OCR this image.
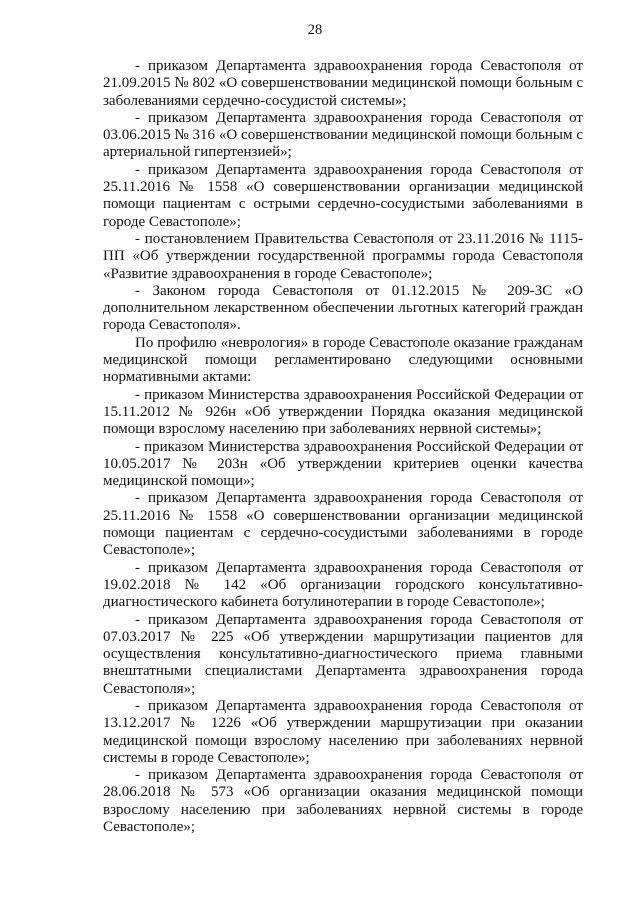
28

- приказом Департамента здравоохранения города Севастополя от 21.09.2015 № 802 «О совершенствовании медицинской помощи больным с заболеваниями сердечно-сосудистой системы»;

- приказом Департамента здравоохранения города Севастополя от 03.06.2015 № 316 «О совершенствовании медицинской помощи больным с артериальной гипертензией»;

- приказом Департамента здравоохранения города Севастополя от 25.11.2016 № 1558 «О совершенствовании организации медицинской помощи пациентам с острыми сердечно-сосудистыми заболеваниями в городе Севастополе»;

- постановлением Правительства Севастополя от 23.11.2016 № 1115-ПП «Об утверждении государственной программы города Севастополя «Развитие здравоохранения в городе Севастополе»;

- Законом города Севастополя от 01.12.2015 № 209-ЗС «О дополнительном лекарственном обеспечении льготных категорий граждан города Севастополя».

По профилю «неврология» в городе Севастополе оказание гражданам медицинской помощи регламентировано следующими основными нормативными актами:

- приказом Министерства здравоохранения Российской Федерации от 15.11.2012 № 926н «Об утверждении Порядка оказания медицинской помощи взрослому населению при заболеваниях нервной системы»;

- приказом Министерства здравоохранения Российской Федерации от 10.05.2017 № 203н «Об утверждении критериев оценки качества медицинской помощи»;

- приказом Департамента здравоохранения города Севастополя от 25.11.2016 № 1558 «О совершенствовании организации медицинской помощи пациентам с сердечно-сосудистыми заболеваниями в городе Севастополе»;

- приказом Департамента здравоохранения города Севастополя от 19.02.2018 № 142 «Об организации городского консультативно-диагностического кабинета ботулинотерапии в городе Севастополе»;

- приказом Департамента здравоохранения города Севастополя от 07.03.2017 № 225 «Об утверждении маршрутизации пациентов для осуществления консультативно-диагностического приема главными внештатными специалистами Департамента здравоохранения города Севастополя»;

- приказом Департамента здравоохранения города Севастополя от 13.12.2017 № 1226 «Об утверждении маршрутизации при оказании медицинской помощи взрослому населению при заболеваниях нервной системы в городе Севастополе»;

- приказом Департамента здравоохранения города Севастополя от 28.06.2018 № 573 «Об организации оказания медицинской помощи взрослому населению при заболеваниях нервной системы в городе Севастополе»;
